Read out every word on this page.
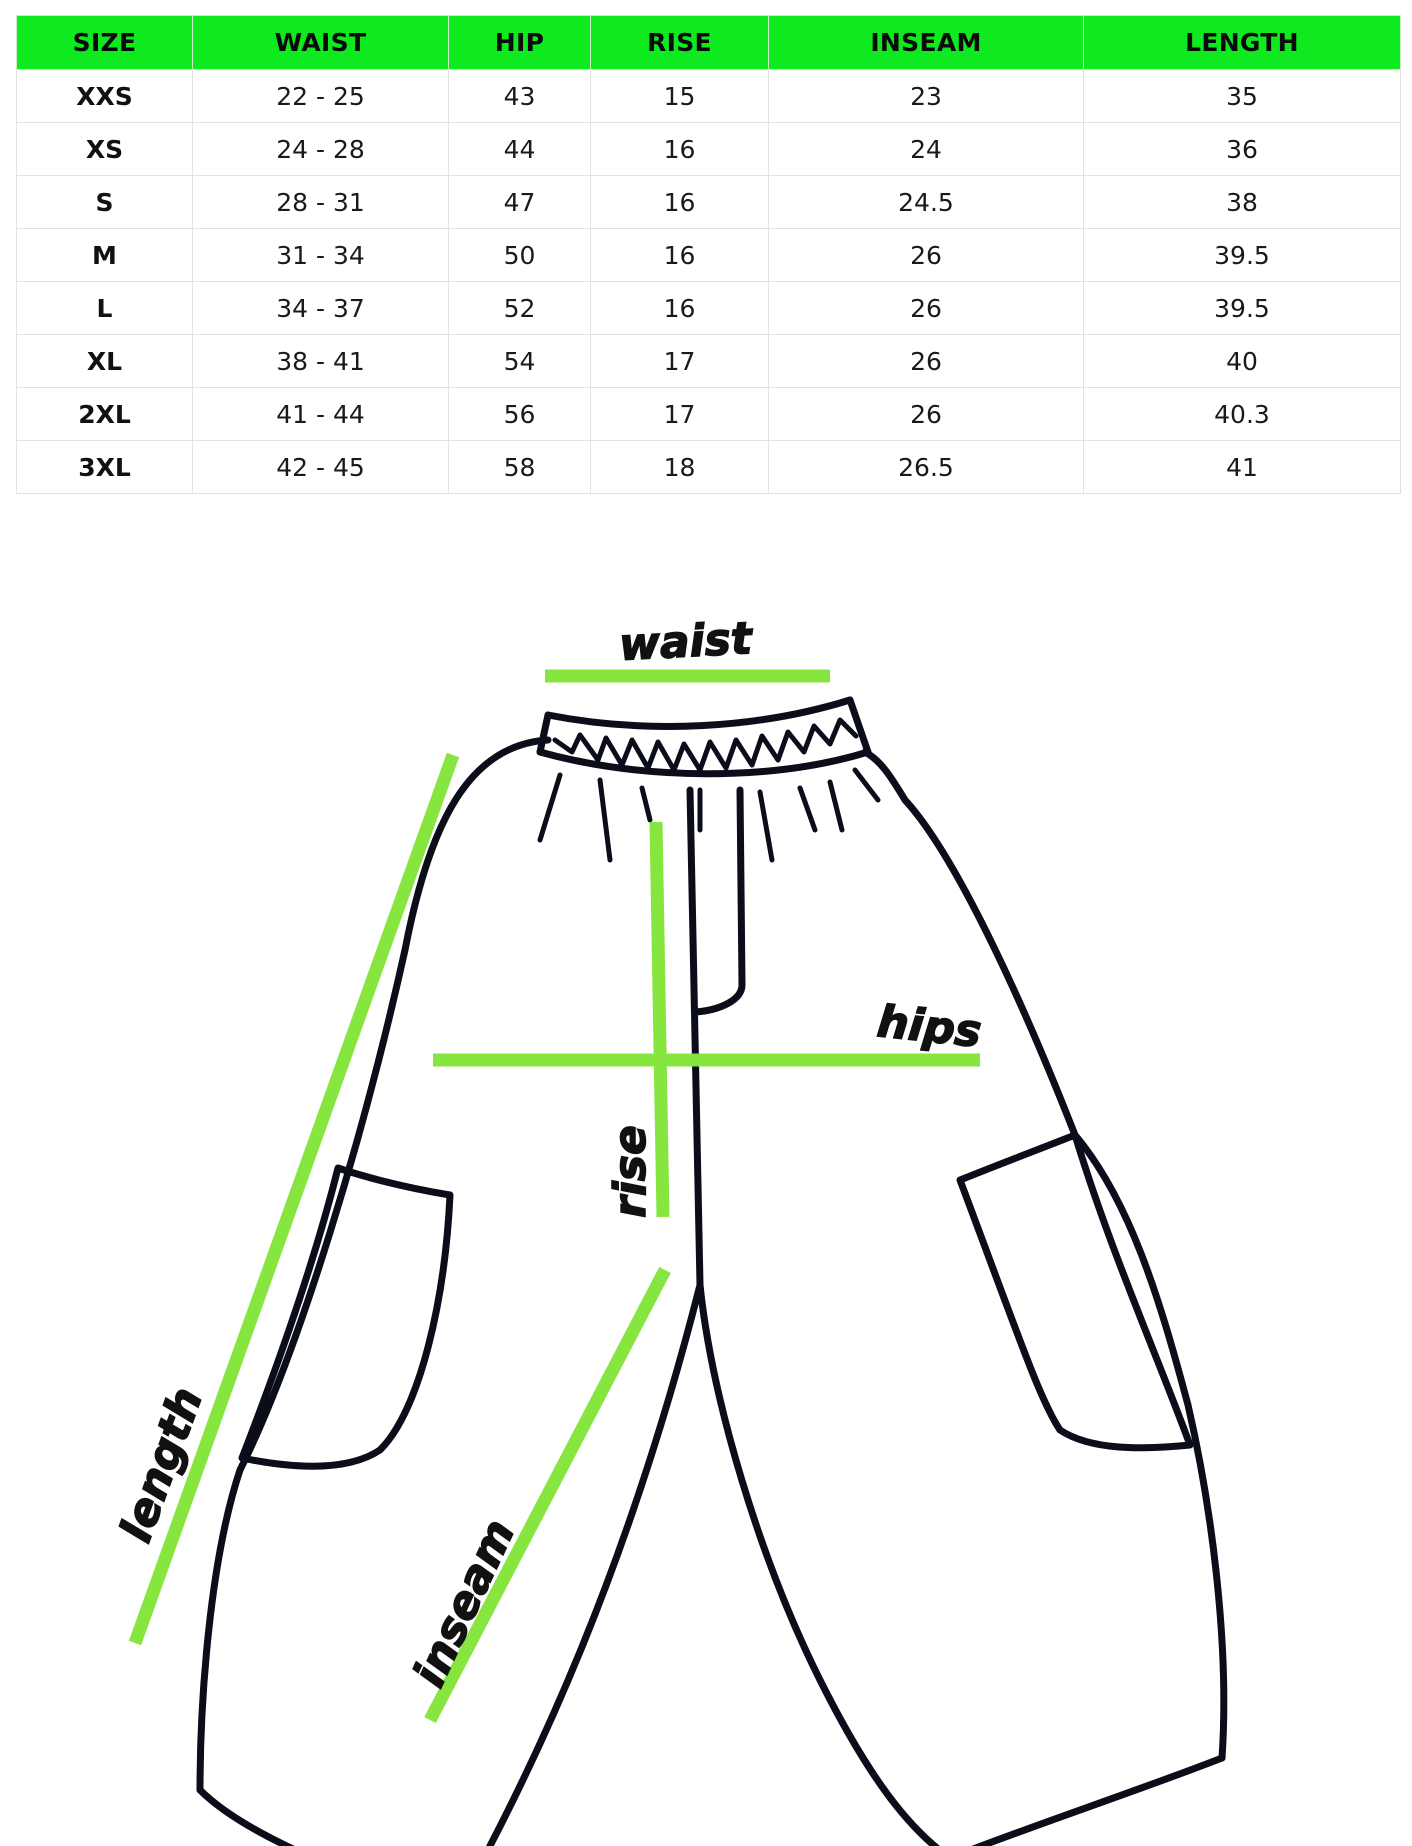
SIZE	WAIST	HIP	RISE	INSEAM	LENGTH
XXS	22 - 25	43	15	23	35
XS	24 - 28	44	16	24	36
S	28 - 31	47	16	24.5	38
M	31 - 34	50	16	26	39.5
L	34 - 37	52	16	26	39.5
XL	38 - 41	54	17	26	40
2XL	41 - 44	56	17	26	40.3
3XL	42 - 45	58	18	26.5	41
waist
hips
rise
length
inseam
